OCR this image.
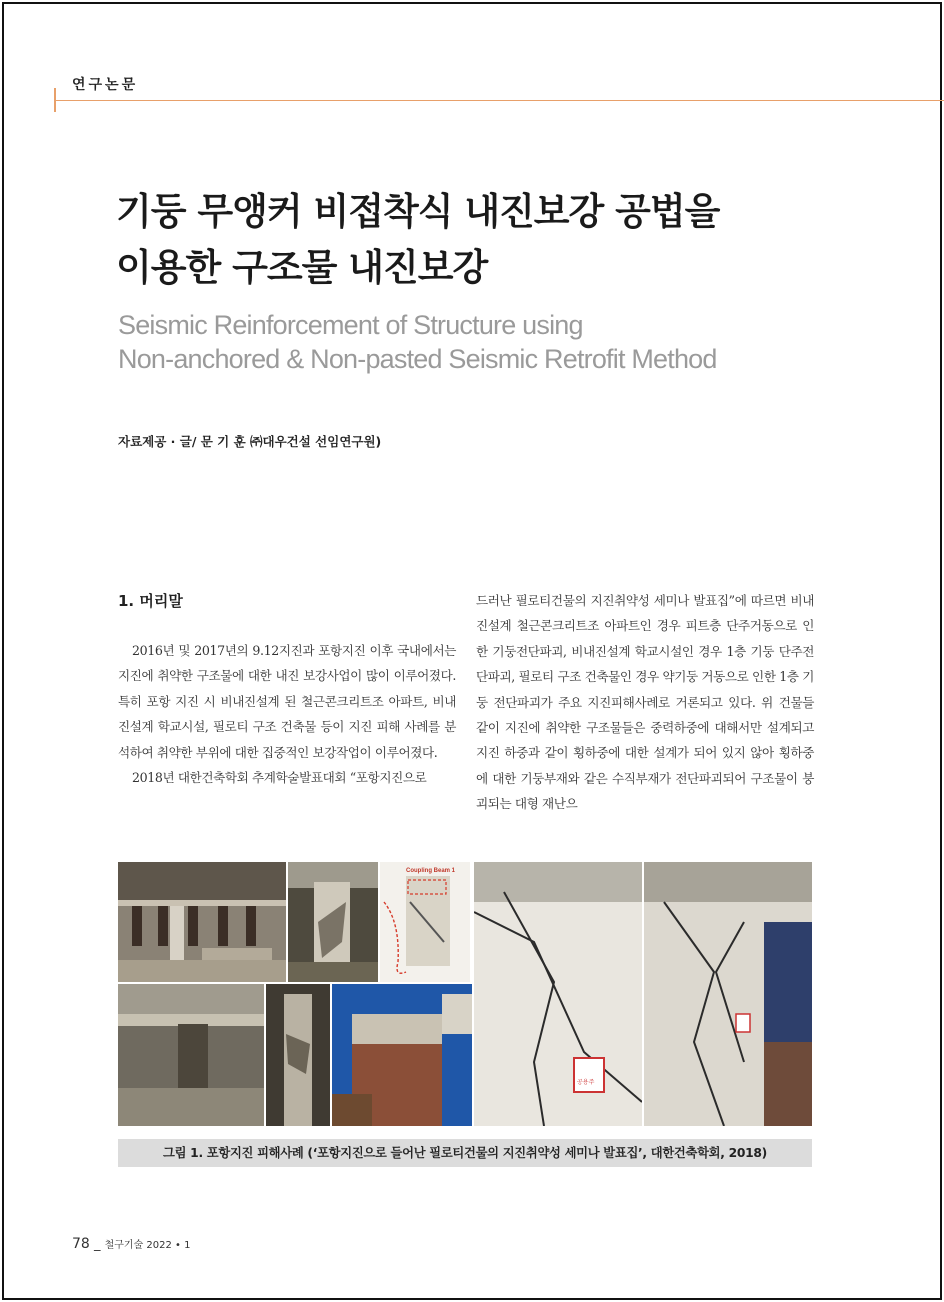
연구논문
기둥 무앵커 비접착식 내진보강 공법을
이용한 구조물 내진보강
Seismic Reinforcement of Structure using
Non-anchored & Non-pasted Seismic Retrofit Method
자료제공 · 글/ 문 기 훈 ㈜대우건설 선임연구원)
1. 머리말

2016년 및 2017년의 9.12지진과 포항지진 이후 국내에서는 지진에 취약한 구조물에 대한 내진 보강사업이 많이 이루어졌다. 특히 포항 지진 시 비내진설계 된 철근콘크리트조 아파트, 비내진설계 학교시설, 필로티 구조 건축물 등이 지진 피해 사례를 분석하여 취약한 부위에 대한 집중적인 보강작업이 이루어졌다.

2018년 대한건축학회 추계학술발표대회 “포항지진으로

드러난 필로티건물의 지진취약성 세미나 발표집”에 따르면 비내진설계 철근콘크리트조 아파트인 경우 피트층 단주거동으로 인한 기둥전단파괴, 비내진설계 학교시설인 경우 1층 기둥 단주전단파괴, 필로티 구조 건축물인 경우 약기둥 거동으로 인한 1층 기둥 전단파괴가 주요 지진피해사례로 거론되고 있다. 위 건물들 같이 지진에 취약한 구조물들은 중력하중에 대해서만 설계되고 지진 하중과 같이 횡하중에 대한 설계가 되어 있지 않아 횡하중에 대한 기둥부재와 같은 수직부재가 전단파괴되어 구조물이 붕괴되는 대형 재난으

Coupling Beam 1
공용주
그림 1. 포항지진 피해사례 (‘포항지진으로 들어난 필로티건물의 지진취약성 세미나 발표집’, 대한건축학회, 2018)
78 _ 철구기술 2022 • 1
